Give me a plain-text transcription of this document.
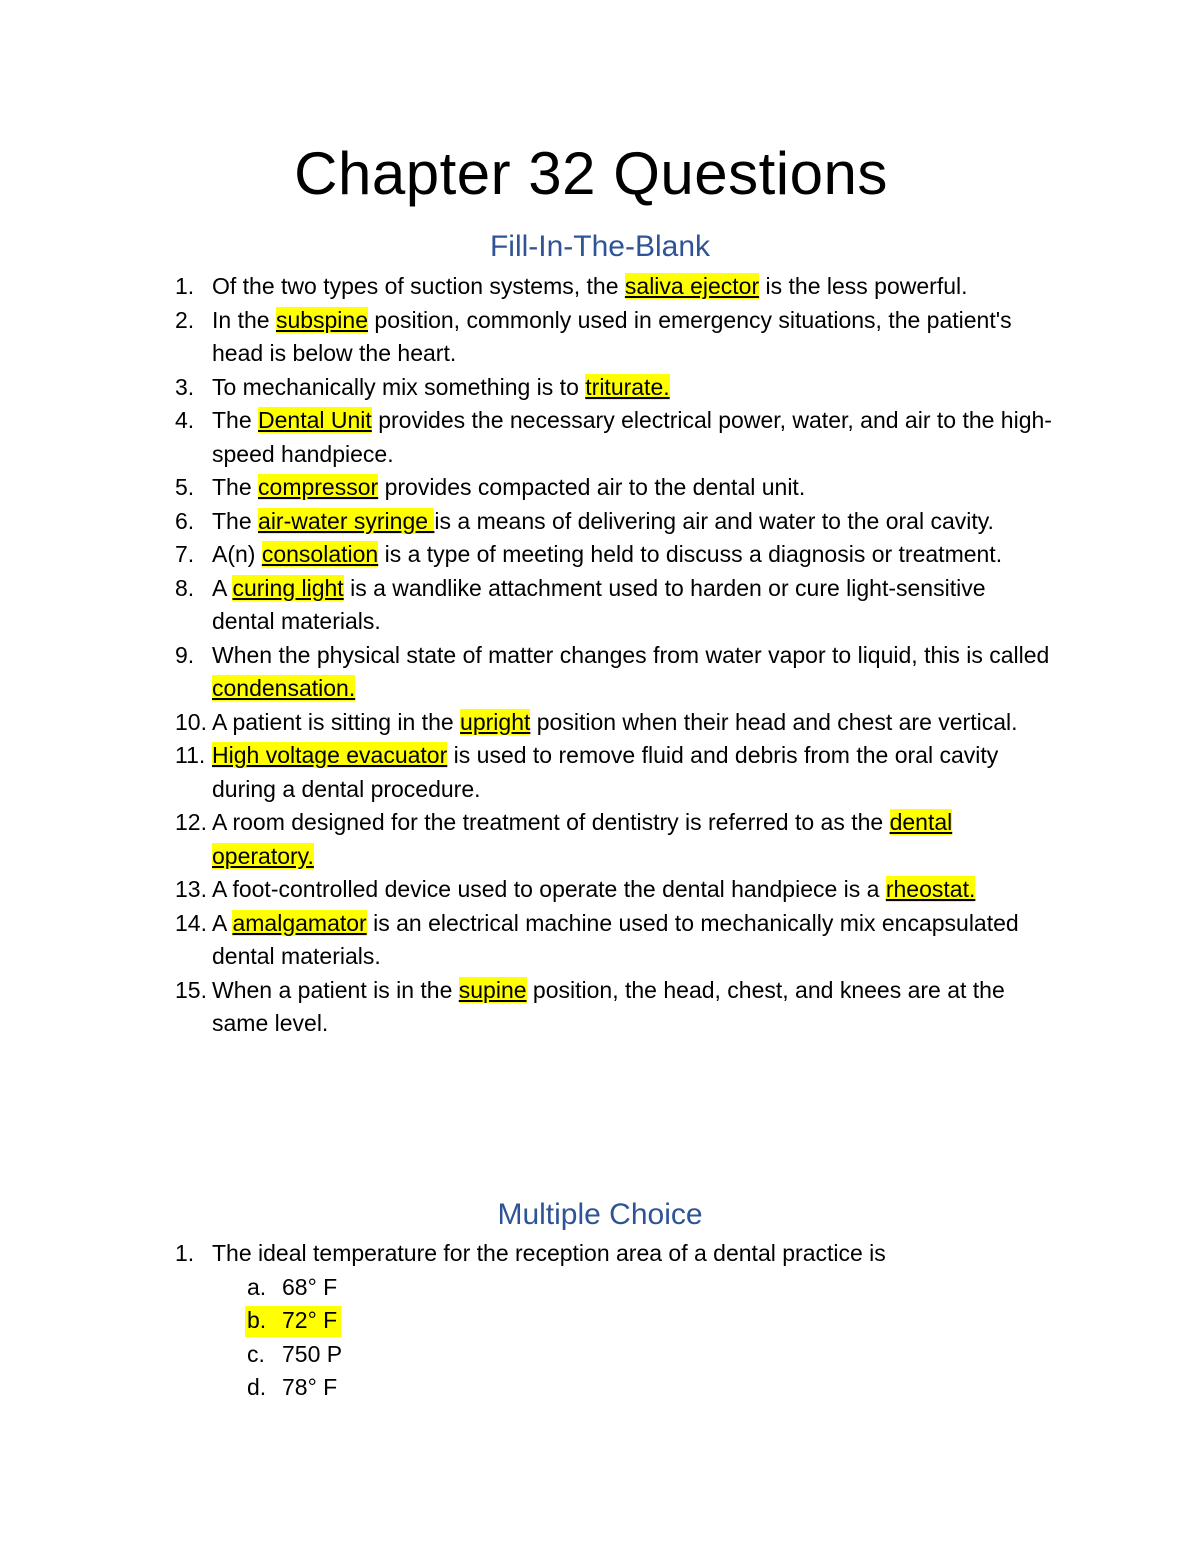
Chapter 32 Questions
Fill-In-The-Blank
1. Of the two types of suction systems, the saliva ejector is the less powerful.
2. In the subspine position, commonly used in emergency situations, the patient's head is below the heart.
3. To mechanically mix something is to triturate.
4. The Dental Unit provides the necessary electrical power, water, and air to the high-speed handpiece.
5. The compressor provides compacted air to the dental unit.
6. The air-water syringe is a means of delivering air and water to the oral cavity.
7. A(n) consolation is a type of meeting held to discuss a diagnosis or treatment.
8. A curing light is a wandlike attachment used to harden or cure light-sensitive dental materials.
9. When the physical state of matter changes from water vapor to liquid, this is called condensation.
10. A patient is sitting in the upright position when their head and chest are vertical.
11. High voltage evacuator is used to remove fluid and debris from the oral cavity during a dental procedure.
12. A room designed for the treatment of dentistry is referred to as the dental operatory.
13. A foot-controlled device used to operate the dental handpiece is a rheostat.
14. A amalgamator is an electrical machine used to mechanically mix encapsulated dental materials.
15. When a patient is in the supine position, the head, chest, and knees are at the same level.
Multiple Choice
1. The ideal temperature for the reception area of a dental practice is
a. 68° F
b. 72° F
c. 750 P
d. 78° F
